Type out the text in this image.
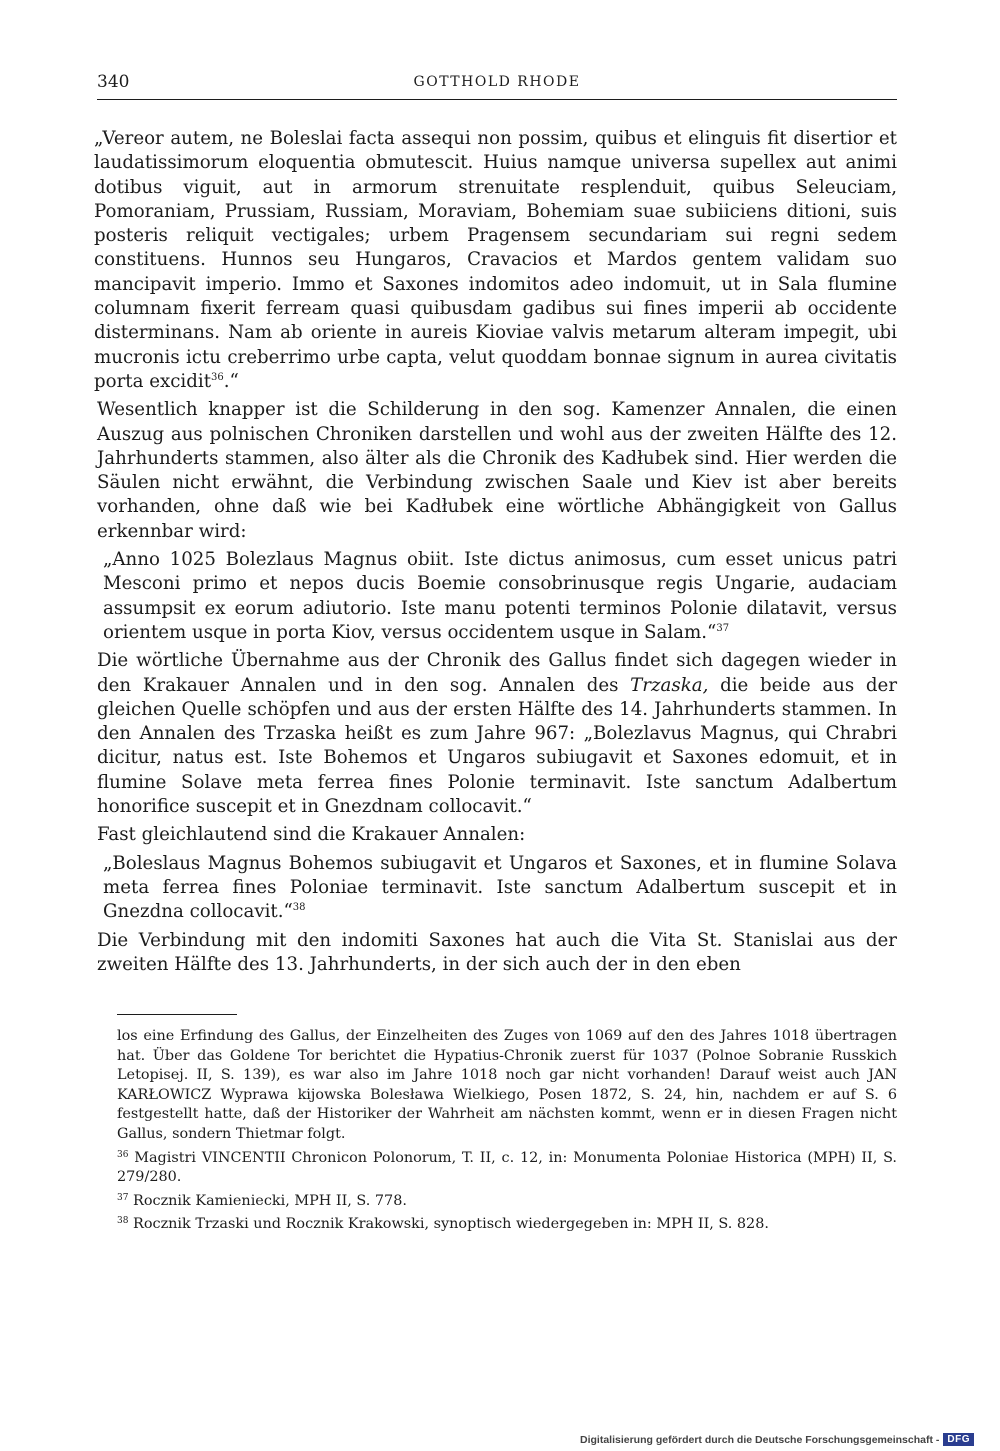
340	GOTTHOLD RHODE

„Vereor autem, ne Boleslai facta assequi non possim, quibus et elinguis fit disertior et laudatissimorum eloquentia obmutescit. Huius namque universa supellex aut animi dotibus viguit, aut in armorum strenuitate resplenduit, quibus Seleuciam, Pomoraniam, Prussiam, Russiam, Moraviam, Bohemiam suae subiiciens ditioni, suis posteris reliquit vectigales; urbem Pragensem secundariam sui regni sedem constituens. Hunnos seu Hungaros, Cravacios et Mardos gentem validam suo mancipavit imperio. Immo et Saxones indomitos adeo indomuit, ut in Sala flumine columnam fixerit ferream quasi quibusdam gadibus sui fines imperii ab occidente disterminans. Nam ab oriente in aureis Kioviae valvis metarum alteram impegit, ubi mucronis ictu creberrimo urbe capta, velut quoddam bonnae signum in aurea civitatis porta excidit$^{36}$.“

Wesentlich knapper ist die Schilderung in den sog. Kamenzer Annalen, die einen Auszug aus polnischen Chroniken darstellen und wohl aus der zweiten Hälfte des 12. Jahrhunderts stammen, also älter als die Chronik des Kadłubek sind. Hier werden die Säulen nicht erwähnt, die Verbindung zwischen Saale und Kiev ist aber bereits vorhanden, ohne daß wie bei Kadłubek eine wörtliche Abhängigkeit von Gallus erkennbar wird:

„Anno 1025 Bolezlaus Magnus obiit. Iste dictus animosus, cum esset unicus patri Mesconi primo et nepos ducis Boemie consobrinusque regis Ungarie, audaciam assumpsit ex eorum adiutorio. Iste manu potenti terminos Polonie dilatavit, versus orientem usque in porta Kiov, versus occidentem usque in Salam.“$^{37}$

Die wörtliche Übernahme aus der Chronik des Gallus findet sich dagegen wieder in den Krakauer Annalen und in den sog. Annalen des Trzaska, die beide aus der gleichen Quelle schöpfen und aus der ersten Hälfte des 14. Jahrhunderts stammen. In den Annalen des Trzaska heißt es zum Jahre 967: „Bolezlavus Magnus, qui Chrabri dicitur, natus est. Iste Bohemos et Ungaros subiugavit et Saxones edomuit, et in flumine Solave meta ferrea fines Polonie terminavit. Iste sanctum Adalbertum honorifice suscepit et in Gnezdnam collocavit.“

Fast gleichlautend sind die Krakauer Annalen:

„Boleslaus Magnus Bohemos subiugavit et Ungaros et Saxones, et in flumine Solava meta ferrea fines Poloniae terminavit. Iste sanctum Adalbertum suscepit et in Gnezdna collocavit.“$^{38}$

Die Verbindung mit den indomiti Saxones hat auch die Vita St. Stanislai aus der zweiten Hälfte des 13. Jahrhunderts, in der sich auch der in den eben

los eine Erfindung des Gallus, der Einzelheiten des Zuges von 1069 auf den des Jahres 1018 übertragen hat. Über das Goldene Tor berichtet die Hypatius-Chronik zuerst für 1037 (Polnoe Sobranie Russkich Letopisej. II, S. 139), es war also im Jahre 1018 noch gar nicht vorhanden! Darauf weist auch JAN KARŁOWICZ Wyprawa kijowska Bolesława Wielkiego, Posen 1872, S. 24, hin, nachdem er auf S. 6 festgestellt hatte, daß der Historiker der Wahrheit am nächsten kommt, wenn er in diesen Fragen nicht Gallus, sondern Thietmar folgt.

$^{36}$ Magistri VINCENTII Chronicon Polonorum, T. II, c. 12, in: Monumenta Poloniae Historica (MPH) II, S. 279/280.

$^{37}$ Rocznik Kamieniecki, MPH II, S. 778.

$^{38}$ Rocznik Trzaski und Rocznik Krakowski, synoptisch wiedergegeben in: MPH II, S. 828.

Digitalisierung gefördert durch die Deutsche Forschungsgemeinschaft - DFG
